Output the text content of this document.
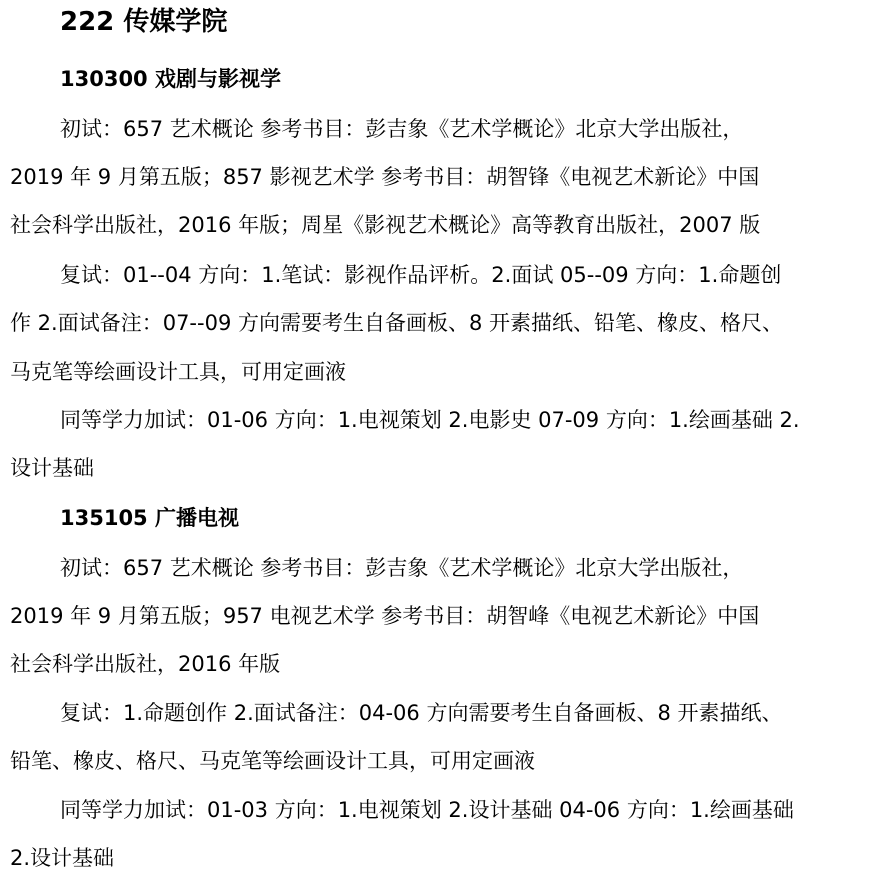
222 传媒学院
130300 戏剧与影视学
初试：657 艺术概论 参考书目：彭吉象《艺术学概论》北京大学出版社，
2019 年 9 月第五版；857 影视艺术学 参考书目：胡智锋《电视艺术新论》中国
社会科学出版社，2016 年版；周星《影视艺术概论》高等教育出版社，2007 版
复试：01--04 方向：1.笔试：影视作品评析。2.面试 05--09 方向：1.命题创
作 2.面试备注：07--09 方向需要考生自备画板、8 开素描纸、铅笔、橡皮、格尺、
马克笔等绘画设计工具，可用定画液
同等学力加试：01-06 方向：1.电视策划 2.电影史 07-09 方向：1.绘画基础 2.
设计基础
135105 广播电视
初试：657 艺术概论 参考书目：彭吉象《艺术学概论》北京大学出版社，
2019 年 9 月第五版；957 电视艺术学 参考书目：胡智峰《电视艺术新论》中国
社会科学出版社，2016 年版
复试：1.命题创作 2.面试备注：04-06 方向需要考生自备画板、8 开素描纸、
铅笔、橡皮、格尺、马克笔等绘画设计工具，可用定画液
同等学力加试：01-03 方向：1.电视策划 2.设计基础 04-06 方向：1.绘画基础
2.设计基础
